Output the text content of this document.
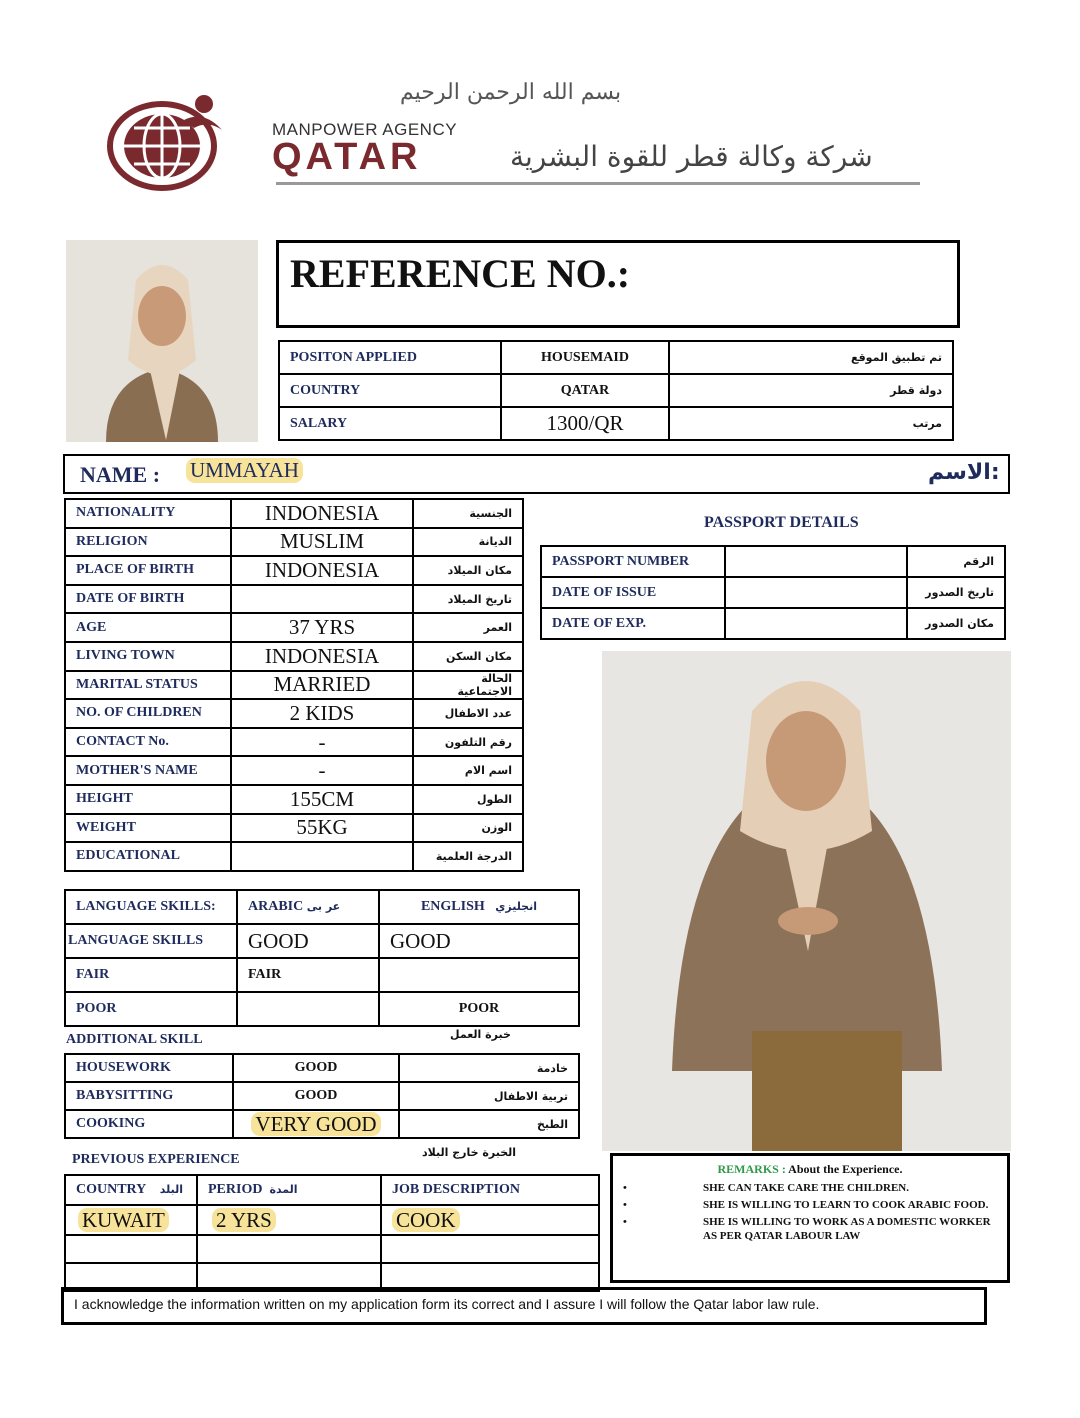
بسم الله الرحمن الرحيم
MANPOWER AGENCY
QATAR	شركة وكالة قطر للقوة البشرية
REFERENCE NO.:
POSITON APPLIED	HOUSEMAID	تم تطبيق الموقع
COUNTRY	QATAR	دولة قطر
SALARY	1300/QR	مرتب
NAME : UMMAYAH	الاسم:
NATIONALITY	INDONESIA	الجنسية
RELIGION	MUSLIM	الديانة
PLACE OF BIRTH	INDONESIA	مكان الميلاد
DATE OF BIRTH		تاريخ الميلاد
AGE	37 YRS	العمر
LIVING TOWN	INDONESIA	مكان السكن
MARITAL STATUS	MARRIED	الحالة الاجتماعية
NO. OF CHILDREN	2 KIDS	عدد الاطفال
CONTACT No.	-	رقم التلفون
MOTHER'S NAME	-	اسم الام
HEIGHT	155CM	الطول
WEIGHT	55KG	الوزن
EDUCATIONAL		الدرجة العلمية
PASSPORT DETAILS
PASSPORT NUMBER		الرقم
DATE OF ISSUE		تاريخ الصدور
DATE OF EXP.		مكان الصدور
LANGUAGE SKILLS:	ARABIC عر بى	ENGLISH انجليزي
LANGUAGE SKILLS	GOOD	GOOD
FAIR	FAIR	
POOR		POOR
ADDITIONAL SKILL	خبرة العمل
HOUSEWORK	GOOD	خادمة
BABYSITTING	GOOD	تربية الاطفال
COOKING	VERY GOOD	الطبخ
PREVIOUS EXPERIENCE	الخبرة خارج البلاد
COUNTRY البلد	PERIOD المدة	JOB DESCRIPTION
KUWAIT	2 YRS	COOK

REMARKS : About the Experience.
•	SHE CAN TAKE CARE THE CHILDREN.
•	SHE IS WILLING TO LEARN TO COOK ARABIC FOOD.
•	SHE IS WILLING TO WORK AS A DOMESTIC WORKER AS PER QATAR LABOUR LAW
I acknowledge the information written on my application form its correct and I assure I will follow the Qatar labor law rule.
